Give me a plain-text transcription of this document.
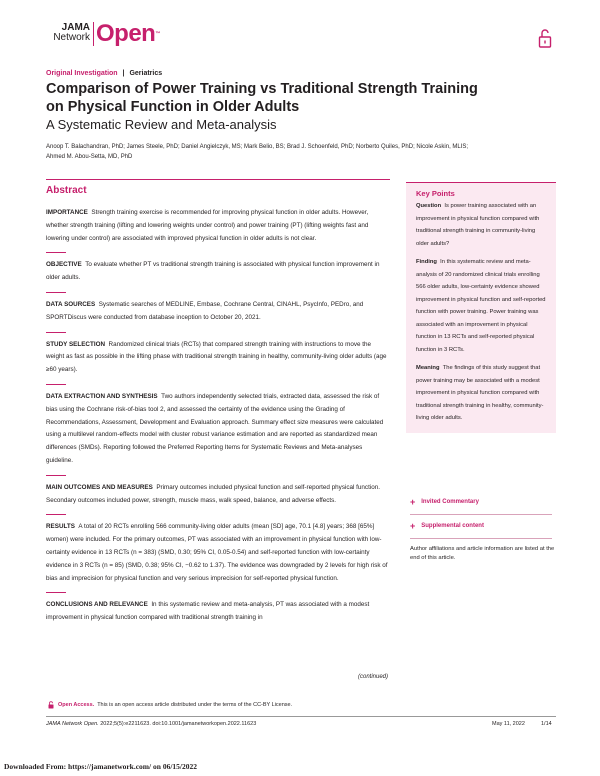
JAMA
Network Open™
Original Investigation | Geriatrics
Comparison of Power Training vs Traditional Strength Training on Physical Function in Older Adults
A Systematic Review and Meta-analysis
Anoop T. Balachandran, PhD; James Steele, PhD; Daniel Angielczyk, MS; Mark Belio, BS; Brad J. Schoenfeld, PhD; Norberto Quiles, PhD; Nicole Askin, MLIS; Ahmed M. Abou-Setta, MD, PhD
Abstract
IMPORTANCE Strength training exercise is recommended for improving physical function in older adults. However, whether strength training (lifting and lowering weights under control) and power training (PT) (lifting weights fast and lowering under control) are associated with improved physical function in older adults is not clear.
OBJECTIVE To evaluate whether PT vs traditional strength training is associated with physical function improvement in older adults.
DATA SOURCES Systematic searches of MEDLINE, Embase, Cochrane Central, CINAHL, PsycInfo, PEDro, and SPORTDiscus were conducted from database inception to October 20, 2021.
STUDY SELECTION Randomized clinical trials (RCTs) that compared strength training with instructions to move the weight as fast as possible in the lifting phase with traditional strength training in healthy, community-living older adults (age ≥60 years).
DATA EXTRACTION AND SYNTHESIS Two authors independently selected trials, extracted data, assessed the risk of bias using the Cochrane risk-of-bias tool 2, and assessed the certainty of the evidence using the Grading of Recommendations, Assessment, Development and Evaluation approach. Summary effect size measures were calculated using a multilevel random-effects model with cluster robust variance estimation and are reported as standardized mean differences (SMDs). Reporting followed the Preferred Reporting Items for Systematic Reviews and Meta-analyses guideline.
MAIN OUTCOMES AND MEASURES Primary outcomes included physical function and self-reported physical function. Secondary outcomes included power, strength, muscle mass, walk speed, balance, and adverse effects.
RESULTS A total of 20 RCTs enrolling 566 community-living older adults (mean [SD] age, 70.1 [4.8] years; 368 [65%] women) were included. For the primary outcomes, PT was associated with an improvement in physical function with low-certainty evidence in 13 RCTs (n = 383) (SMD, 0.30; 95% CI, 0.05-0.54) and self-reported function with low-certainty evidence in 3 RCTs (n = 85) (SMD, 0.38; 95% CI, −0.62 to 1.37). The evidence was downgraded by 2 levels for high risk of bias and imprecision for physical function and very serious imprecision for self-reported physical function.
CONCLUSIONS AND RELEVANCE In this systematic review and meta-analysis, PT was associated with a modest improvement in physical function compared with traditional strength training in
(continued)
Key Points
Question Is power training associated with an improvement in physical function compared with traditional strength training in community-living older adults?
Finding In this systematic review and meta-analysis of 20 randomized clinical trials enrolling 566 older adults, low-certainty evidence showed improvement in physical function and self-reported function with power training. Power training was associated with an improvement in physical function in 13 RCTs and self-reported physical function in 3 RCTs.
Meaning The findings of this study suggest that power training may be associated with a modest improvement in physical function compared with traditional strength training in healthy, community-living older adults.
+ Invited Commentary
+ Supplemental content
Author affiliations and article information are listed at the end of this article.
Open Access. This is an open access article distributed under the terms of the CC-BY License.
JAMA Network Open. 2022;5(5):e2211623. doi:10.1001/jamanetworkopen.2022.11623	May 11, 2022	1/14
Downloaded From: https://jamanetwork.com/ on 06/15/2022
